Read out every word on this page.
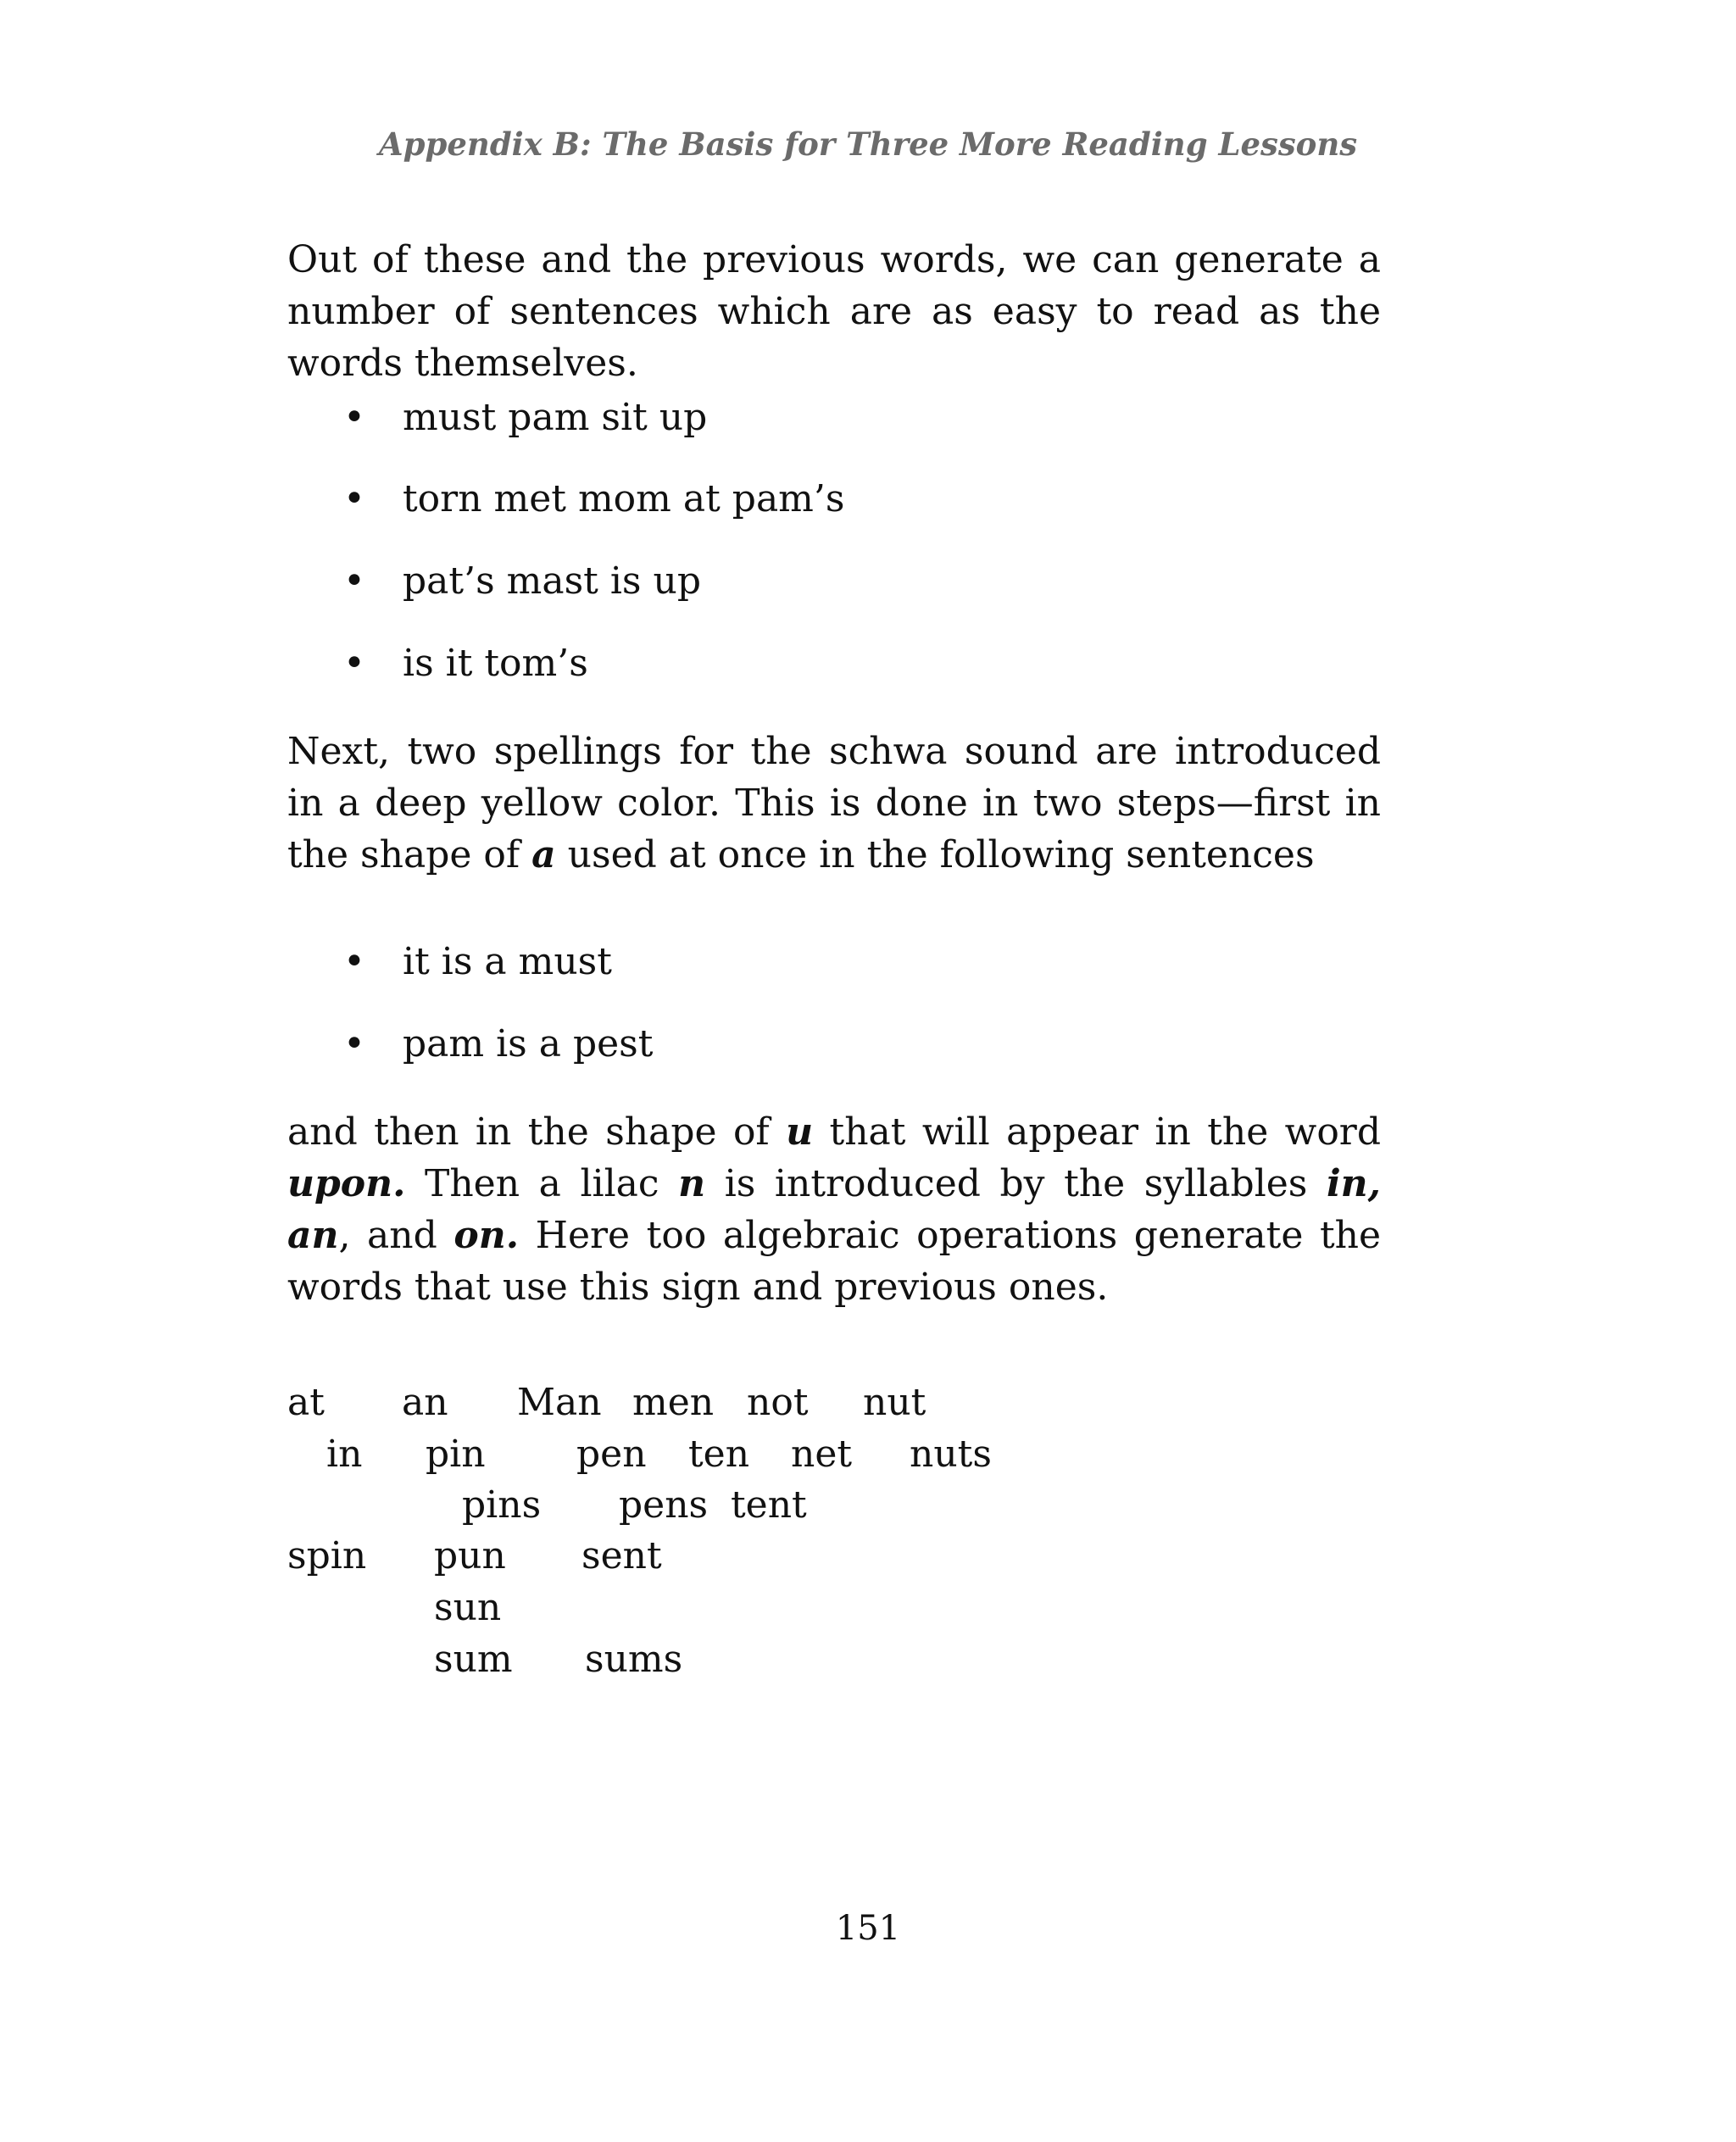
Appendix B: The Basis for Three More Reading Lessons
Out of these and the previous words, we can generate a number of sentences which are as easy to read as the words themselves.
• must pam sit up
• torn met mom at pam’s
• pat’s mast is up
• is it tom’s
Next, two spellings for the schwa sound are introduced in a deep yellow color. This is done in two steps—first in the shape of a used at once in the following sentences
• it is a must
• pam is a pest
and then in the shape of u that will appear in the word upon. Then a lilac n is introduced by the syllables in, an, and on. Here too algebraic operations generate the words that use this sign and previous ones.
at an Man men not nut
in pin pen ten net nuts
pins pens tent
spin pun sent
sun
sum sums
151
